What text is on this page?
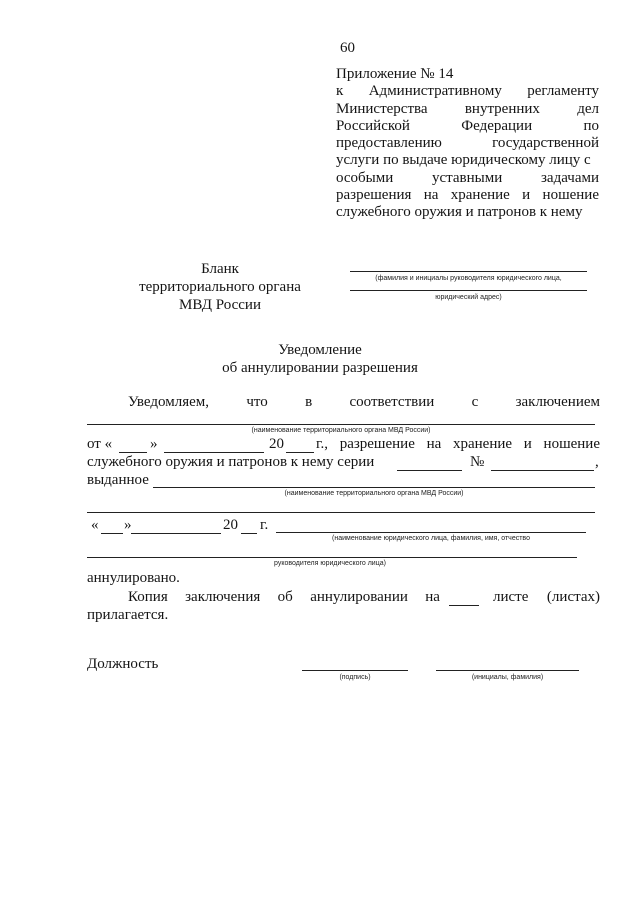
60
Приложение № 14
к Административному регламенту
Министерства внутренних дел
Российской Федерации по
предоставлению государственной
услуги по выдаче юридическому лицу с
особыми уставными задачами
разрешения на хранение и ношение
служебного оружия и патронов к нему
Бланк
территориального органа
МВД России
(фамилия и инициалы руководителя юридического лица,
юридический адрес)
Уведомление
об аннулировании разрешения
Уведомляем, что в соответствии с заключением
(наименование территориального органа МВД России)
от «	»	20 г., разрешение на хранение и ношение
служебного оружия и патронов к нему серии	№	,
выданное
(наименование территориального органа МВД России)
« »	20 г.
(наименование юридического лица, фамилия, имя, отчество
руководителя юридического лица)
аннулировано.
Копия заключения об аннулировании на	листе (листах)
прилагается.
Должность
(подпись)	(инициалы, фамилия)
